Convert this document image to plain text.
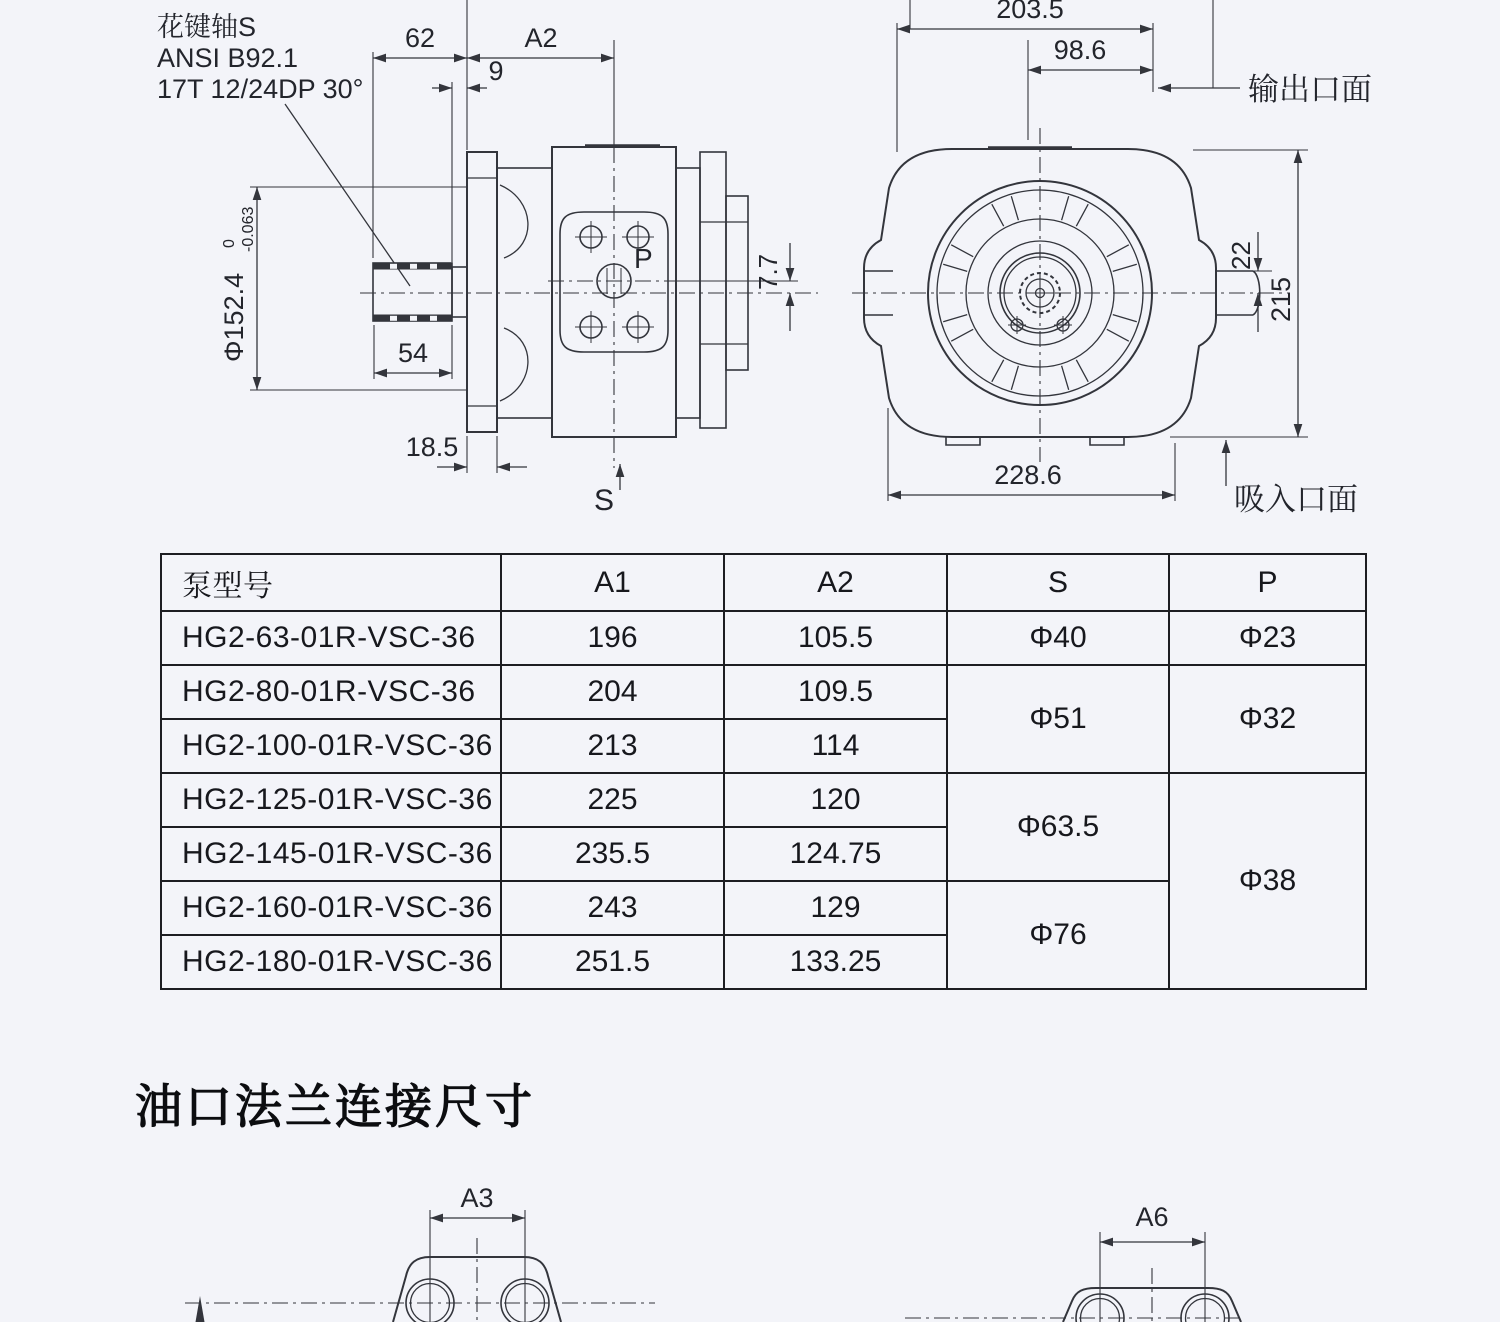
花键轴S
ANSI B92.1
17T 12/24DP 30°
P
S
62	A2
9
Φ152.4
0 -0.063
54
18.5
7.7
203.5
98.6
输出口面
22
215
228.6
吸入口面
泵型号	A1	A2	S	P
HG2-63-01R-VSC-36	196	105.5	Φ40	Φ23
HG2-80-01R-VSC-36	204	109.5	Φ51	Φ32
HG2-100-01R-VSC-36	213	114		
HG2-125-01R-VSC-36	225	120	Φ63.5	Φ38
HG2-145-01R-VSC-36	235.5	124.75		
HG2-160-01R-VSC-36	243	129	Φ76	
HG2-180-01R-VSC-36	251.5	133.25		
油口法兰连接尺寸
A3
A6
